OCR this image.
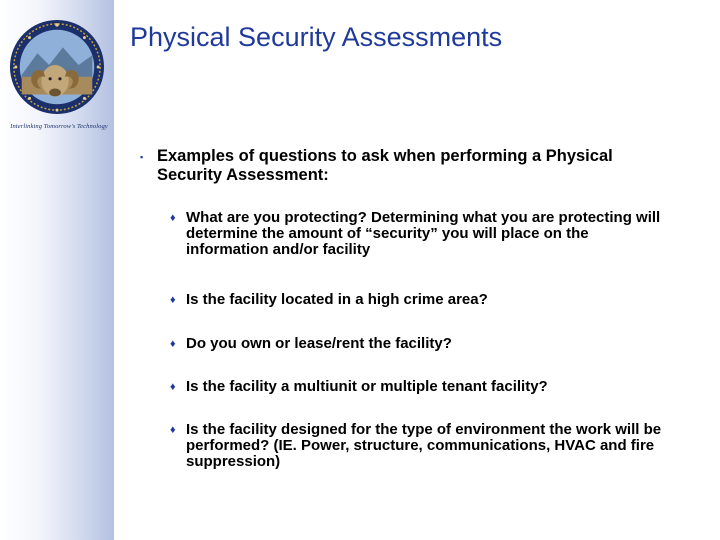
Interlinking Tomorrow's Technology
Physical Security Assessments
▪ Examples of questions to ask when performing a Physical Security Assessment:

♦ What are you protecting? Determining what you are protecting will determine the amount of “security” you will place on the information and/or facility

♦ Is the facility located in a high crime area?

♦ Do you own or lease/rent the facility?

♦ Is the facility a multiunit or multiple tenant facility?

♦ Is the facility designed for the type of environment the work will be performed? (IE. Power, structure, communications, HVAC and fire suppression)
